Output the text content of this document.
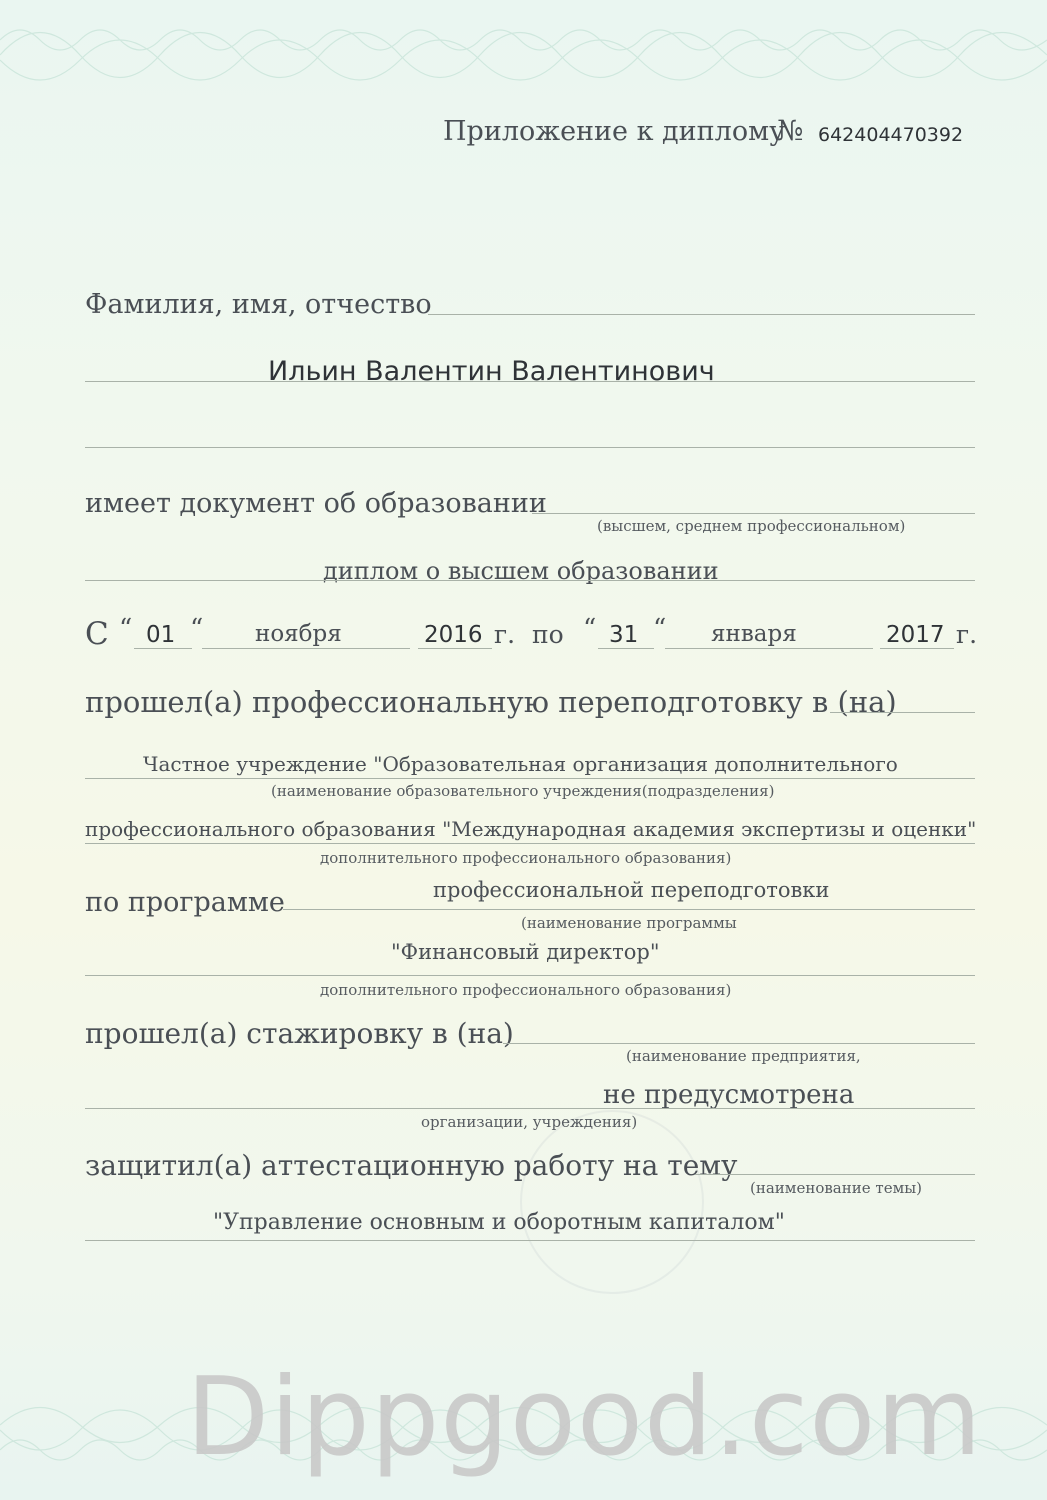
Приложение к диплому
№ 642404470392
Фамилия, имя, отчество
Ильин Валентин Валентинович
имеет документ об образовании
(высшем, среднем профессиональном)
диплом о высшем образовании
С “ 01 “ ноября	2016 г. по “ 31 “ января	2017 г.
прошел(а) профессиональную переподготовку в (на)
Частное учреждение "Образовательная организация дополнительного
(наименование образовательного учреждения(подразделения)
профессионального образования "Международная академия экспертизы и оценки"
дополнительного профессионального образования)
по программе	профессиональной переподготовки
(наименование программы
"Финансовый директор"
дополнительного профессионального образования)
прошел(а) стажировку в (на)
(наименование предприятия,
не предусмотрена
организации, учреждения)
защитил(а) аттестационную работу на тему
(наименование темы)
"Управление основным и оборотным капиталом"
Dippgood.com
